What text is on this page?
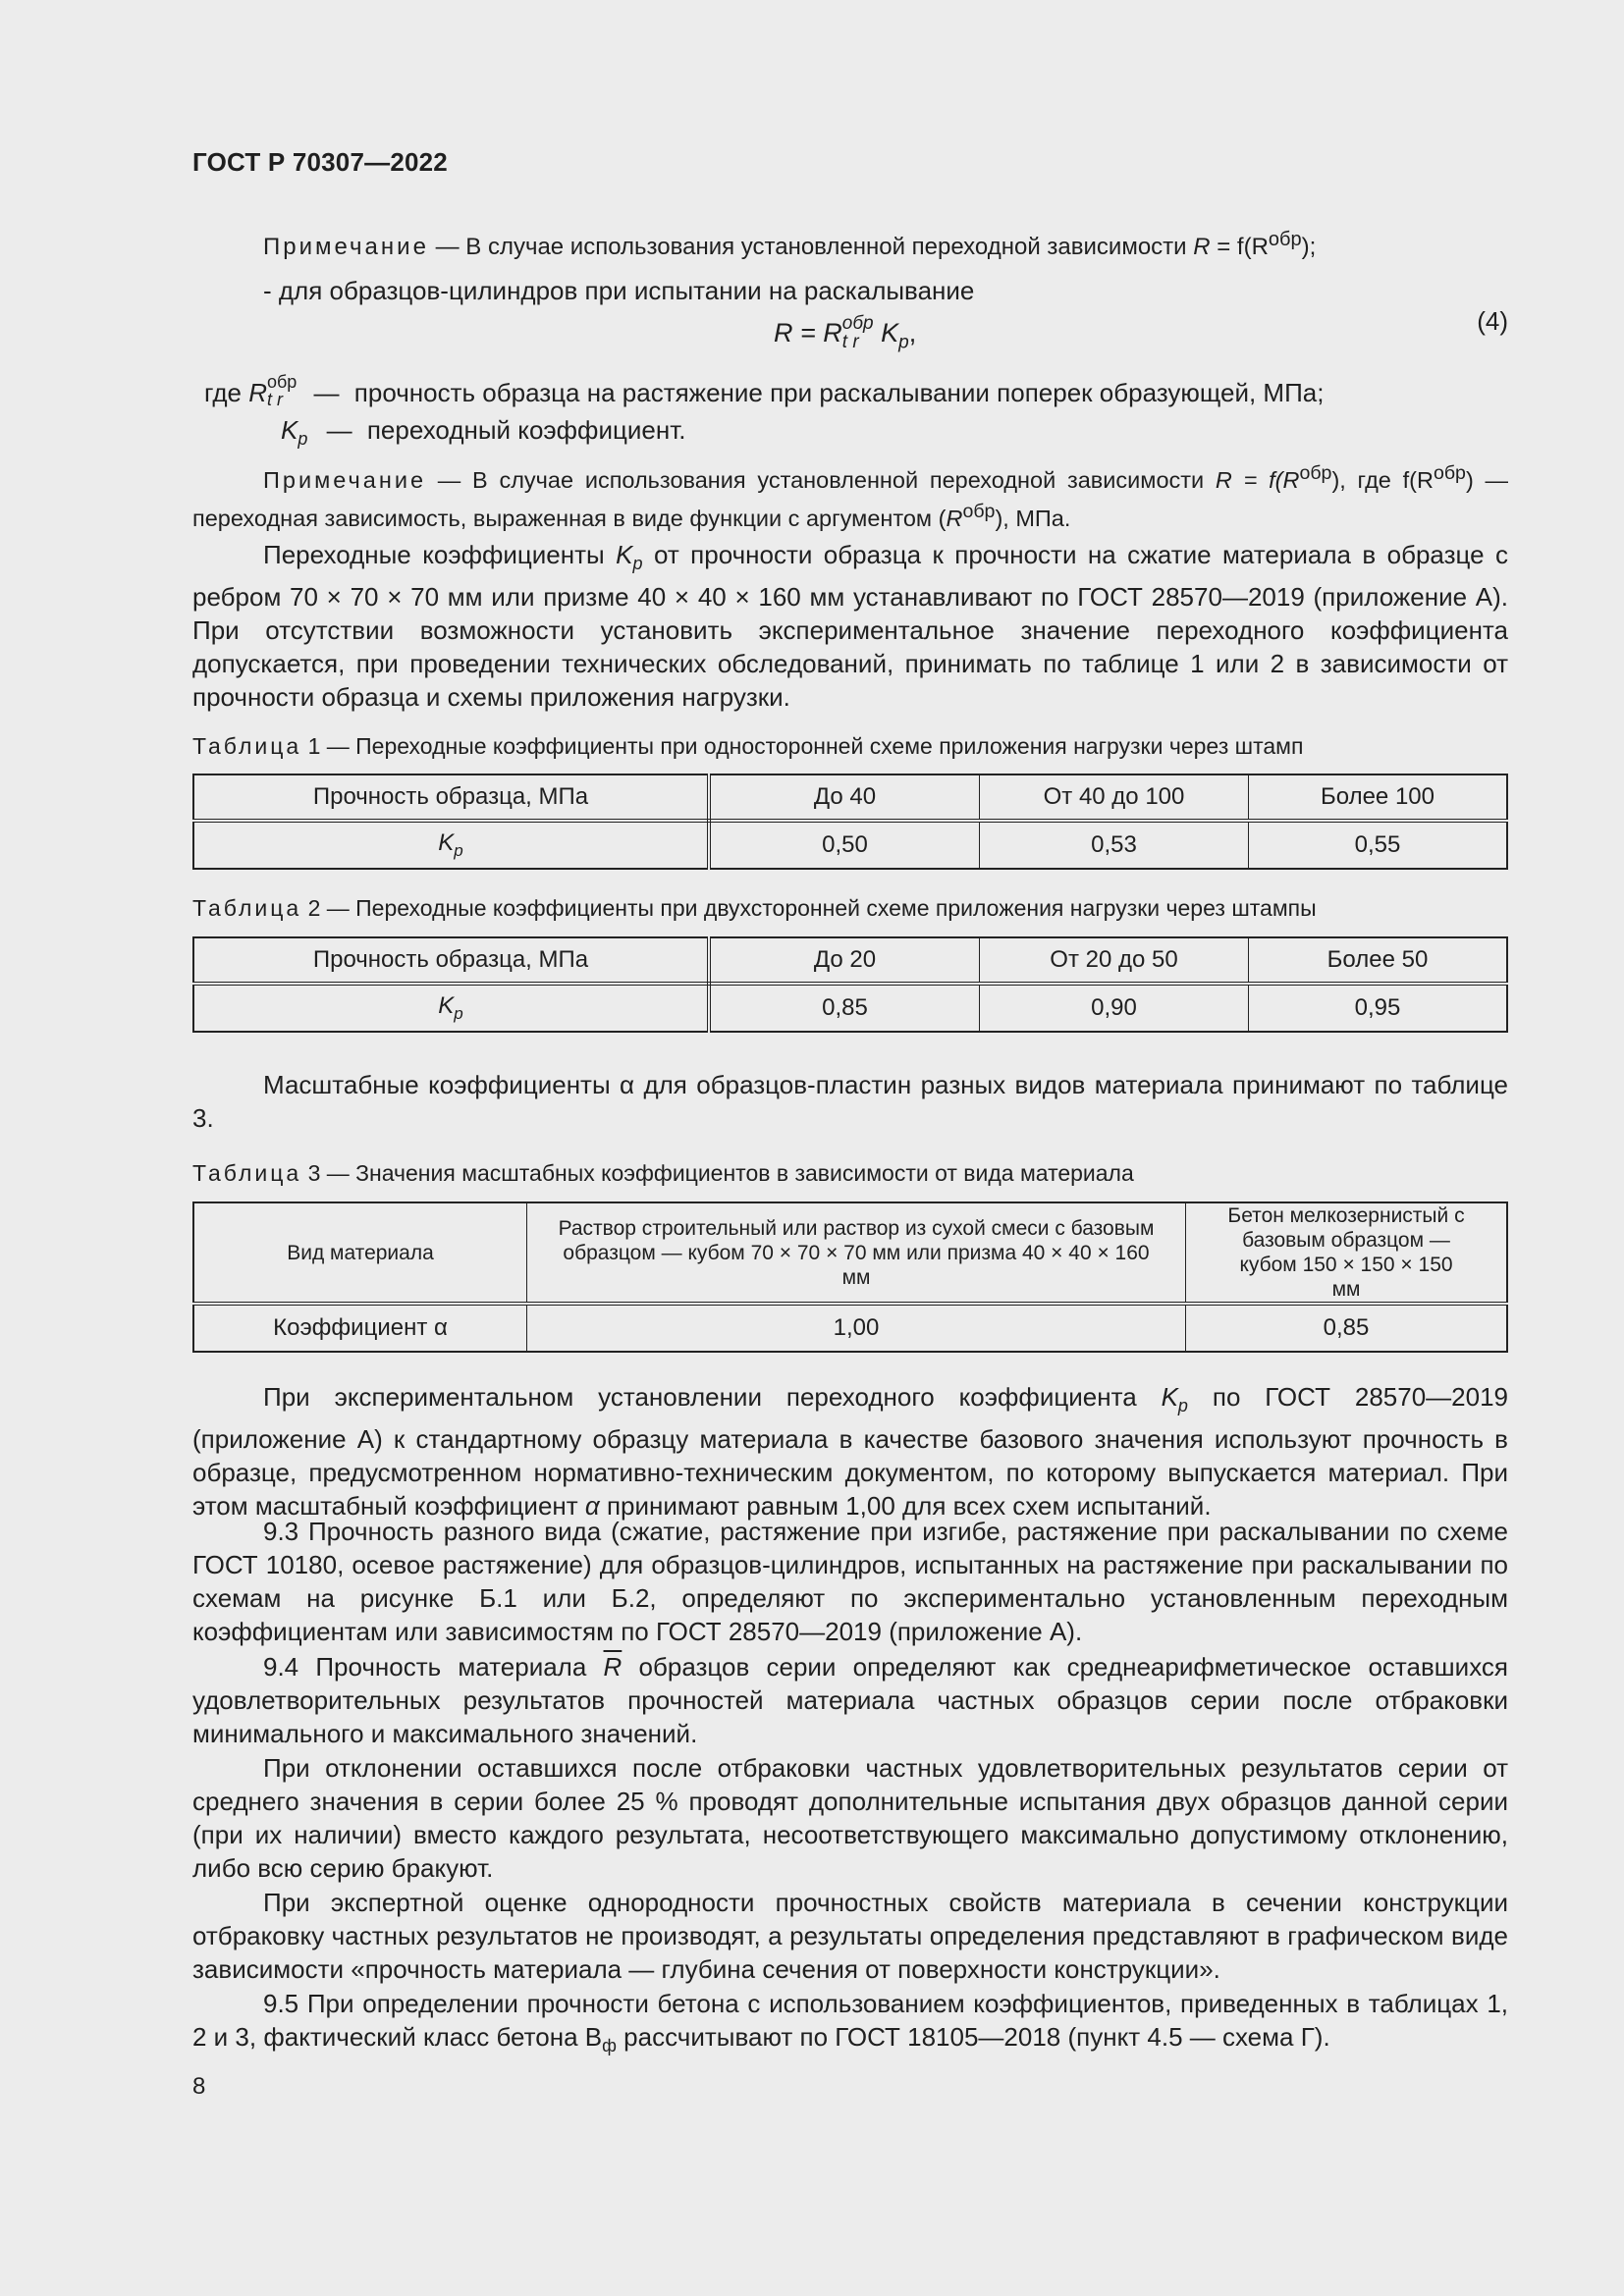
ГОСТ Р 70307—2022
Примечание — В случае использования установленной переходной зависимости $R = f(R^{обр})$;
- для образцов-цилиндров при испытании на раскалывание
R = R обр
t r $K_p$,	(4)
где R обр
t r	— прочность образца на растяжение при раскалывании поперек образующей, МПа;
$K_p$ — переходный коэффициент.
Примечание — В случае использования установленной переходной зависимости $R = f(R^{обр})$, где $f(R^{обр})$ — переходная зависимость, выраженная в виде функции с аргументом $(R^{обр})$, МПа.
Переходные коэффициенты $K_p$ от прочности образца к прочности на сжатие материала в образце с ребром 70 × 70 × 70 мм или призме 40 × 40 × 160 мм устанавливают по ГОСТ 28570—2019 (приложение А). При отсутствии возможности установить экспериментальное значение переходного коэффициента допускается, при проведении технических обследований, принимать по таблице 1 или 2 в зависимости от прочности образца и схемы приложения нагрузки.
Таблица 1 — Переходные коэффициенты при односторонней схеме приложения нагрузки через штамп
Прочность образца, МПа	До 40	От 40 до 100	Более 100
$K_p$	0,50	0,53	0,55
Таблица 2 — Переходные коэффициенты при двухсторонней схеме приложения нагрузки через штампы
Прочность образца, МПа	До 20	От 20 до 50	Более 50
$K_p$	0,85	0,90	0,95
Масштабные коэффициенты α для образцов-пластин разных видов материала принимают по таблице 3.
Таблица 3 — Значения масштабных коэффициентов в зависимости от вида материала
Вид материала	Раствор строительный или раствор из сухой смеси с базовым образцом — кубом 70 × 70 × 70 мм или призма 40 × 40 × 160 мм	Бетон мелкозернистый с базовым образцом — кубом 150 × 150 × 150 мм
Коэффициент α	1,00	0,85
При экспериментальном установлении переходного коэффициента $K_p$ по ГОСТ 28570—2019 (приложение А) к стандартному образцу материала в качестве базового значения используют прочность в образце, предусмотренном нормативно-техническим документом, по которому выпускается материал. При этом масштабный коэффициент α принимают равным 1,00 для всех схем испытаний.
9.3 Прочность разного вида (сжатие, растяжение при изгибе, растяжение при раскалывании по схеме ГОСТ 10180, осевое растяжение) для образцов-цилиндров, испытанных на растяжение при раскалывании по схемам на рисунке Б.1 или Б.2, определяют по экспериментально установленным переходным коэффициентам или зависимостям по ГОСТ 28570—2019 (приложение А).
9.4 Прочность материала $\overline{R}$ образцов серии определяют как среднеарифметическое оставшихся удовлетворительных результатов прочностей материала частных образцов серии после отбраковки минимального и максимального значений.
При отклонении оставшихся после отбраковки частных удовлетворительных результатов серии от среднего значения в серии более 25 % проводят дополнительные испытания двух образцов данной серии (при их наличии) вместо каждого результата, несоответствующего максимально допустимому отклонению, либо всю серию бракуют.
При экспертной оценке однородности прочностных свойств материала в сечении конструкции отбраковку частных результатов не производят, а результаты определения представляют в графическом виде зависимости «прочность материала — глубина сечения от поверхности конструкции».
9.5 При определении прочности бетона с использованием коэффициентов, приведенных в таблицах 1, 2 и 3, фактический класс бетона $В_ф$ рассчитывают по ГОСТ 18105—2018 (пункт 4.5 — схема Г).
8
